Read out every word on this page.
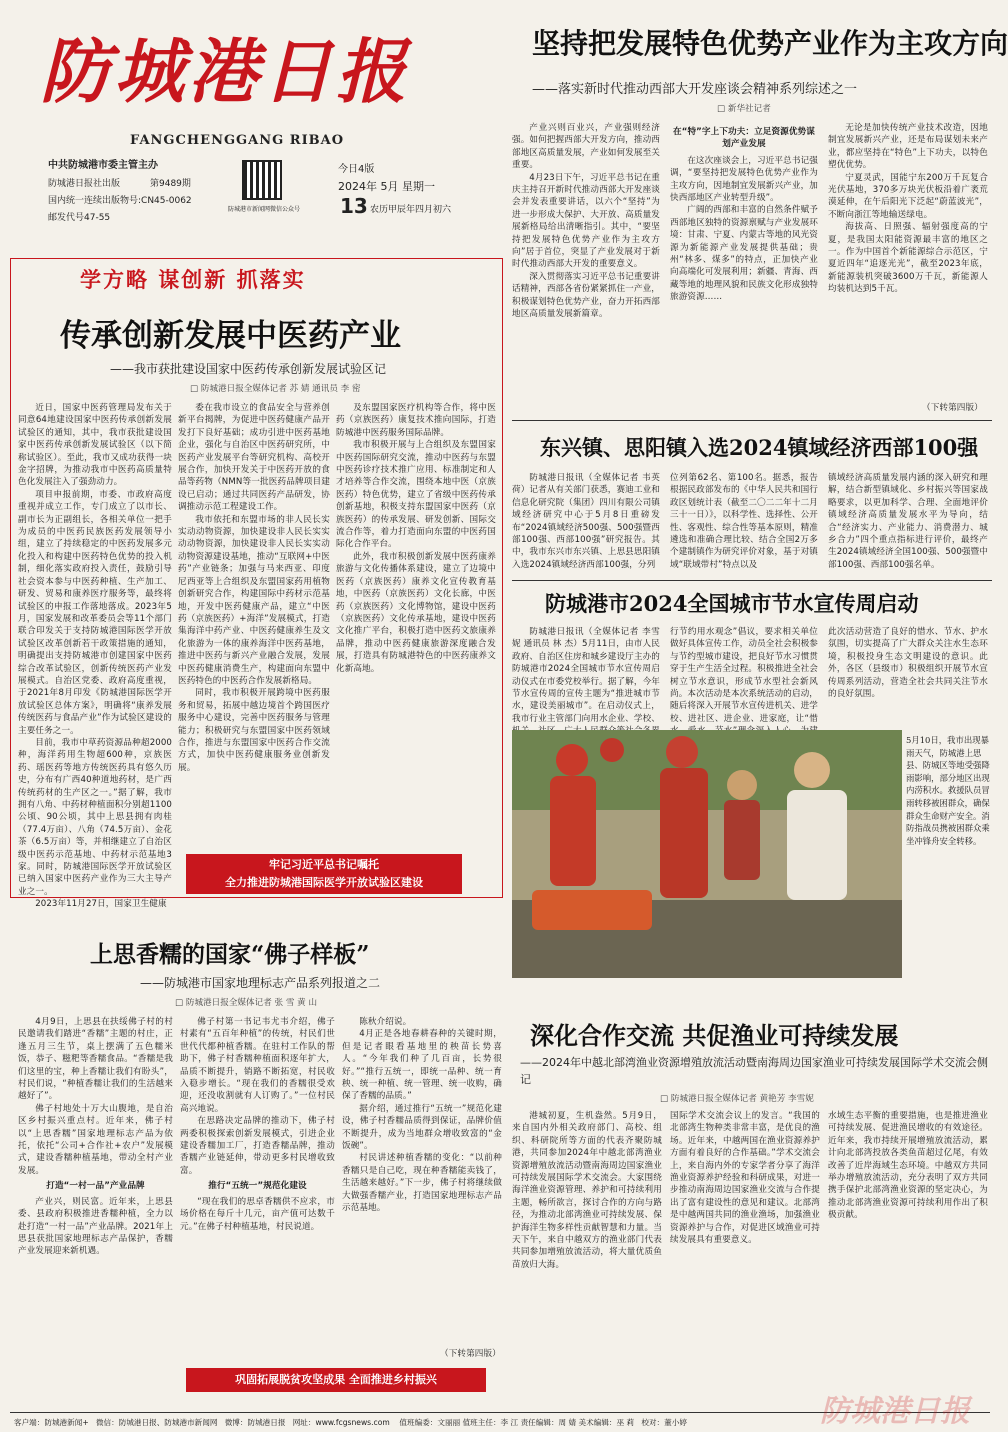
防城港日报
FANGCHENGGANG RIBAO
中共防城港市委主管主办
防城港日报社出版	第9489期
国内统一连续出版物号:CN45-0062
邮发代号47-55
防城港市新闻网微信公众号
今日4版
2024年 5月 星期一
13 农历甲辰年四月初六
坚持把发展特色优势产业作为主攻方向
——落实新时代推动西部大开发座谈会精神系列综述之一
□ 新华社记者

产业兴则百业兴，产业强则经济强。如何把握西部大开发方向，推动西部地区高质量发展，产业如何发展至关重要。

4月23日下午，习近平总书记在重庆主持召开新时代推动西部大开发座谈会并发表重要讲话，以六个“坚持”为进一步形成大保护、大开放、高质量发展新格局给出清晰指引。其中，“要坚持把发展特色优势产业作为主攻方向”居于首位，突显了产业发展对于新时代推动西部大开发的重要意义。

深入贯彻落实习近平总书记重要讲话精神，西部各省份紧紧抓住一产业，积极谋划特色优势产业，奋力开拓西部地区高质量发展新篇章。

在“特”字上下功夫：立足资源优势谋划产业发展

在这次座谈会上，习近平总书记强调，“要坚持把发展特色优势产业作为主攻方向，因地制宜发展新兴产业，加快西部地区产业转型升级”。

广阔的西部和丰富的自然条件赋予西部地区独特的资源禀赋与产业发展环境：甘肃、宁夏、内蒙古等地的风光资源为新能源产业发展提供基础；贵州“林多、煤多”的特点，正加快产业向高端化可发展利用；新疆、青海、西藏等地的地理风貌和民族文化形成独特旅游资源……

无论是加快传统产业技术改造，因地制宜发展新兴产业，还是布局谋划未来产业，都应坚持在“特色”上下功夫，以特色塑优优势。

宁夏灵武，国能宁东200万千瓦复合光伏基地，370多万块光伏板沿着广袤荒漠延伸，在午后阳光下泛起“蔚蓝波光”，不断向浙江等地输送绿电。

海拔高、日照强、辐射强度高的宁夏，是我国太阳能资源最丰富的地区之一。作为中国首个新能源综合示范区，宁夏近四年“追逐光光”，截至2023年底，新能源装机突破3600万千瓦，新能源人均装机达到5千瓦。

（下转第四版）
学方略 谋创新 抓落实
传承创新发展中医药产业
——我市获批建设国家中医药传承创新发展试验区记
□ 防城港日报全媒体记者 苏 婧 通讯员 李 密

近日，国家中医药管理局发布关于同意64地建设国家中医药传承创新发展试验区的通知，其中，我市获批建设国家中医药传承创新发展试验区（以下简称试验区）。至此，我市又成功获得一块金字招牌，为推动我市中医药高质量特色化发展注入了强劲动力。

项目申报前期，市委、市政府高度重视并成立工作，专门成立了以市长、副市长为正副组长，各相关单位一把手为成员的中医药民族医药发展领导小组，建立了持续稳定的中医药发展多元化投入和构建中医药特色优势的投入机制，细化落实政府投入责任，鼓励引导社会资本参与中医药种植、生产加工、研发、贸易和康养医疗服务等，最终将试验区的申报工作落地落成。2023年5月，国家发展和改革委员会等11个部门联合印发关于支持防城港国际医学开放试验区改革创新若干政策措施的通知，明确提出支持防城港市创建国家中医药综合改革试验区，创新传统医药产业发展模式。自治区党委、政府高度重视，于2021年8月印发《防城港国际医学开放试验区总体方案》，明确将“康养发展传统医药与食品产业”作为试验区建设的主要任务之一。

目前，我市中草药资源品种超2000种，海洋药用生物超600种，京族医药、瑶医药等地方传统医药具有悠久历史，分布有广西40种道地药材，是广西传统药材的生产区之一。”据了解，我市拥有八角、中药材种植面积分别超1100公顷、90公顷，其中上思县拥有肉桂（77.4万亩）、八角（74.5万亩）、金花茶（6.5万亩）等，并相继建立了自治区级中医药示范基地、中药材示范基地3家。同时，防城港国际医学开放试验区已纳入国家中医药产业作为三大主导产业之一。

2023年11月27日，国家卫生健康

委在我市设立的食品安全与营养创新平台揭牌，为促进中医药健康产品开发打下良好基础；成功引进中医药基地企业，强化与自治区中医药研究所，中医药产业发展平台等研究机构、高校开展合作，加快开发关于中医药开放的食品等药物（NMN等一批医药品牌项目建设已启动；通过共同医药产品研发，协调推动示范工程建设工作。

我市依托和东盟市场的非人民长实实动动物资源，加快建设非人民长实实动动物资源，加快建设非人民长实实动动物资源建设基地，推动“互联网+中医药”产业链条；加强与马来西亚、印度尼西亚等上合组织及东盟国家药用植物创新研究合作，构建国际中药材示范基地，开发中医药健康产品，建立“中医药（京族医药）+海洋”发展模式，打造集海洋中药产业、中医药健康养生及文化旅游为一体的康养海洋中医药基地，推进中医药与新兴产业融合发展，发展中医药健康消费生产，构建面向东盟中医药特色的中医药合作发展新格局。

同时，我市积极开展跨境中医药服务和贸易，拓展中越边境首个跨国医疗服务中心建设，完善中医药服务与管理能力；积极研究与东盟国家中医药领域合作，推进与东盟国家中医药合作交流方式，加快中医药健康服务业创新发展。

及东盟国家医疗机构等合作，将中医药（京族医药）康复技术推向国际，打造防城港中医药服务国际品牌。

我市积极开展与上合组织及东盟国家中医药国际研究交流，推动中医药与东盟中医药诊疗技术推广应用、标准制定和人才培养等合作交流，围绕本地中医（京族医药）特色优势，建立了省级中医药传承创新基地，积极支持东盟国家中医药（京族医药）的传承发展、研发创新、国际交流合作等，着力打造面向东盟的中医药国际化合作平台。

此外，我市积极创新发展中医药康养旅游与文化传播体系建设，建立了边境中医药（京族医药）康养文化宣传教育基地，中医药（京族医药）文化长廊，中医药（京族医药）文化博物馆，建设中医药（京族医药）文化传承基地，建设中医药文化推广平台，积极打造中医药文旅康养品牌，推动中医药健康旅游深度融合发展，打造具有防城港特色的中医药康养文化新高地。

牢记习近平总书记嘱托
全力推进防城港国际医学开放试验区建设
东兴镇、思阳镇入选2024镇域经济西部100强
防城港日报讯（全媒体记者 韦英荷）记者从有关部门获悉，赛迪工业和信息化研究院（集团）四川有限公司镇域经济研究中心于5月8日重磅发布“2024镇域经济500强、500强暨西部100强、西部100强”研究报告。其中，我市东兴市东兴镇、上思县思阳镇入选2024镇域经济西部100强，分列
位列第62名、第100名。据悉，报告根据民政部发布的《中华人民共和国行政区划统计表（截至二〇二二年十二月三十一日）》，以科学性、选择性、公开性、客观性、综合性等基本原则，精准遴选和准确合理比较、结合全国2万多个建制镇作为研究评价对象，基于对镇域“联域带村”特点以及
镇域经济高质量发展内涵的深入研究和理解，结合新型镇域化、乡村振兴等国家战略要求，以更加科学、合理、全面地评价镇域经济高质量发展水平为导向，结合“经济实力、产业能力、消费潜力、城乡合力”四个重点指标进行评价，最终产生2024镇域经济全国100强、500强暨中部100强、西部100强名单。
防城港市2024全国城市节水宣传周启动
防城港日报讯（全媒体记者 李雪妮 通讯员 林 杰）5月11日，由市人民政府、自治区住房和城乡建设厅主办的防城港市2024全国城市节水宣传周启动仪式在市委党校举行。据了解，今年节水宣传周的宣传主题为“推进城市节水，建设美丽城市”。在启动仪式上，我市行业主管部门向用水企业、学校、
行节约用水观念”倡议，要求相关单位做好具体宣传工作，动员全社会积极参与节约型城市建设，把良好节水习惯贯穿于生产生活全过程。积极推进全社会树立节水意识，形成节水型社会新风尚。本次活动是本次系统活动的启动，随后将深入开展节水宣传进机关、进学校、进社区、进企业、进家庭，让“惜
此次活动营造了良好的惜水、节水、护水氛围，切实提高了广大群众关注水生态环境，积极投身生态文明建设的意识。此外，各区（县级市）积极组织开展节水宣传周系列活动，营造全社会共同关注节水的良好氛围。
5月10日，我市出现暴雨天气，防城港上思县、防城区等地受强降雨影响，部分地区出现内涝积水。救援队员冒雨转移被困群众，确保群众生命财产安全。消防指战员携被困群众乘坐冲锋舟安全转移。
深化合作交流 共促渔业可持续发展
——2024年中越北部湾渔业资源增殖放流活动暨南海周边国家渔业可持续发展国际学术交流会侧记
□ 防城港日报全媒体记者 黄艳芳 李雪妮
港城初夏，生机盎然。5月9日，来自国内外相关政府部门、高校、组织、科研院所等方面的代表齐聚防城港，共同参加2024年中越北部湾渔业资源增殖放流活动暨南海周边国家渔业可持续发展国际学术交流会。大家围绕海洋渔业资源管理、养护和可持续利用主题，畅所欲言，探讨合作的方向与路径，为推动北部湾渔业可持续发展、保护海洋生物多样性贡献智慧和力量。当天下午，来自中越双方的渔业部门代表共同参加增殖放流活动，将大量优质鱼苗放归大海。
国际学术交流会议上的发言。“我国的北部湾生物种类非常丰富，是优良的渔场。近年来，中越两国在渔业资源养护方面有着良好的合作基础。”学术交流会上，来自海内外的专家学者分享了海洋渔业资源养护经验和科研成果，对进一步推动南海周边国家渔业交流与合作提出了富有建设性的意见和建议。北部湾是中越两国共同的渔业渔场，加强渔业资源养护与合作，对促进区域渔业可持续发展具有重要意义。
水域生态平衡的重要措施，也是推进渔业可持续发展、促进渔民增收的有效途径。近年来，我市持续开展增殖放流活动，累计向北部湾投放各类鱼苗超过亿尾，有效改善了近岸海域生态环境。中越双方共同举办增殖放流活动，充分表明了双方共同携手保护北部湾渔业资源的坚定决心，为推动北部湾渔业资源可持续利用作出了积极贡献。
上思香糯的国家“佛子样板”
——防城港市国家地理标志产品系列报道之二
□ 防城港日报全媒体记者 张 雪 黄 山

4月9日，上思县在扶绥佛子村的村民邀请我们踏进“香糯”主题的村庄，正逢五月三生节，桌上摆满了五色糯米饭，恭子、糍粑等香糯食品。“香糯是我们这里的宝，种上香糯让我们有盼头”，村民们说，“种植香糯让我们的生活越来越好了”。

佛子村地处十万大山腹地，是自治区乡村振兴重点村。近年来，佛子村以“上思香糯”国家地理标志产品为依托，依托“公司+合作社+农户”发展模式，建设香糯种植基地，带动全村产业发展。

打造“一村一品”产业品牌

产业兴，则民富。近年来，上思县委、县政府积极推进香糯种植，全力以赴打造“一村一品”产业品牌。2021年上思县获批国家地理标志产品保护，香糯产业发展迎来新机遇。

佛子村第一书记韦尤韦介绍，佛子村素有“五百年种植”的传统，村民们世世代代都种植香糯。在驻村工作队的帮助下，佛子村香糯种植面积逐年扩大，品质不断提升，销路不断拓宽，村民收入稳步增长。“现在我们的香糯很受欢迎，还没收割就有人订购了。”一位村民高兴地说。

在思路决定品牌的推动下，佛子村两委积极探索创新发展模式，引进企业建设香糯加工厂，打造香糯品牌，推动香糯产业链延伸，带动更多村民增收致富。

推行“五统一”规范化建设

“现在我们的思卓香糯供不应求，市场价格在每斤十几元，亩产值可达数千元。”在佛子村种植基地，村民说道。

陈秋介绍说。

4月正是各地春耕春种的关键时期，但是记者眼看基地里的秧苗长势喜人。“今年我们种了几百亩，长势很好。”“推行五统一，即统一品种、统一育秧、统一种植、统一管理、统一收购，确保了香糯的品质。”

据介绍，通过推行“五统一”规范化建设，佛子村香糯品质得到保证，品牌价值不断提升，成为当地群众增收致富的“金饭碗”。

村民讲述种植香糯的变化：“以前种香糯只是自己吃，现在种香糯能卖钱了，生活越来越好。”下一步，佛子村将继续做大做强香糯产业，打造国家地理标志产品示范基地。

（下转第四版）
巩固拓展脱贫攻坚成果 全面推进乡村振兴
客户端：防城港新闻+ 微信：防城港日报、防城港市新闻网 微博：防城港日报 网址：www.fcgsnews.com 值班编委：文丽丽 值班主任：李 江 责任编辑：周 婧 美术编辑：巫 莉 校对：董小婷	防城港日报
